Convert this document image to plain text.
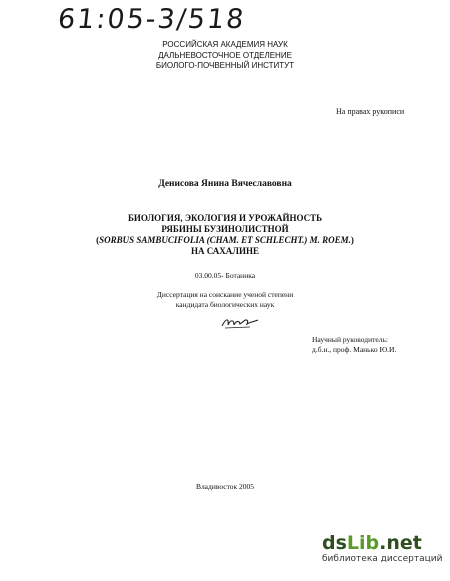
61:05-3/518
РОССИЙСКАЯ АКАДЕМИЯ НАУК
ДАЛЬНЕВОСТОЧНОЕ ОТДЕЛЕНИЕ
БИОЛОГО-ПОЧВЕННЫЙ ИНСТИТУТ
На правах рукописи
Денисова Янина Вячеславовна
БИОЛОГИЯ, ЭКОЛОГИЯ И УРОЖАЙНОСТЬ
РЯБИНЫ БУЗИНОЛИСТНОЙ
(SORBUS SAMBUCIFOLIA (CHAM. ET SCHLECHT.) M. ROEM.)
НА САХАЛИНЕ
03.00.05- Ботаника
Диссертация на соискание ученой степени
кандидата биологических наук
Научный руководитель:
д.б.н., проф. Манько Ю.И.
Владивосток 2005
dsLib.net
библиотека диссертаций
